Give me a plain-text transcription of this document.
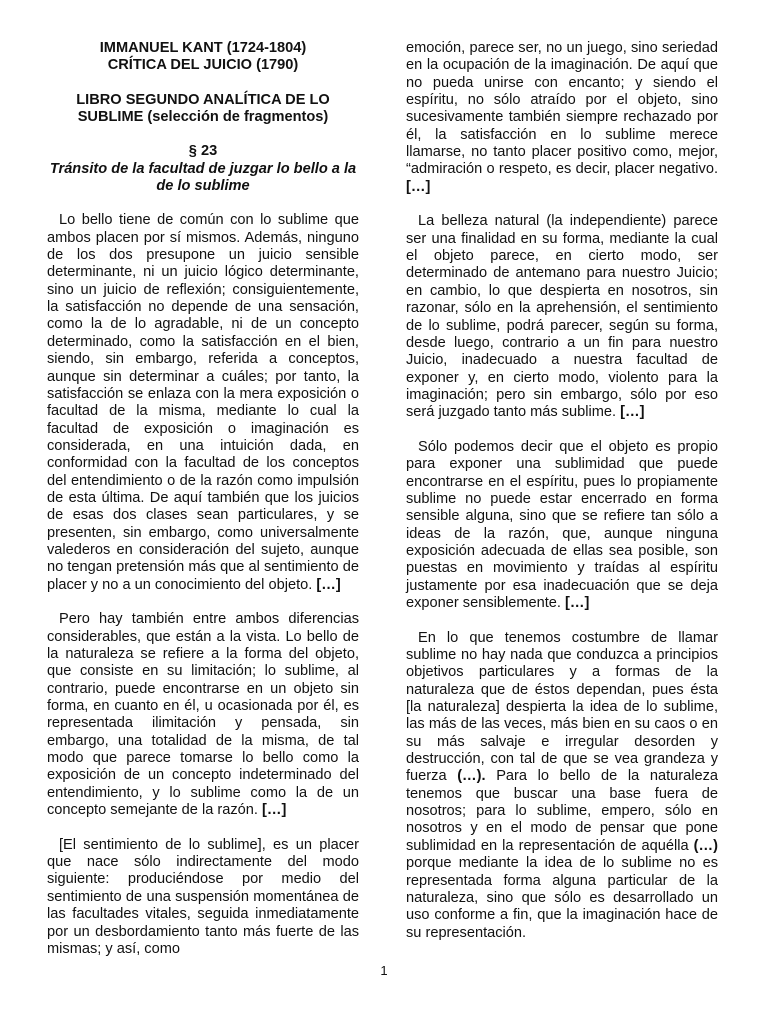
IMMANUEL KANT (1724-1804)

CRÍTICA DEL JUICIO (1790)

LIBRO SEGUNDO ANALÍTICA DE LO

SUBLIME (selección de fragmentos)

§ 23

Tránsito de la facultad de juzgar lo bello a la de lo sublime

Lo bello tiene de común con lo sublime que ambos placen por sí mismos. Además, ninguno de los dos presupone un juicio sensible determinante, ni un juicio lógico determinante, sino un juicio de reflexión; consiguientemente, la satisfacción no depende de una sensación, como la de lo agradable, ni de un concepto determinado, como la satisfacción en el bien, siendo, sin embargo, referida a conceptos, aunque sin determinar a cuáles; por tanto, la satisfacción se enlaza con la mera exposición o facultad de la misma, mediante lo cual la facultad de exposición o imaginación es considerada, en una intuición dada, en conformidad con la facultad de los conceptos del entendimiento o de la razón como impulsión de esta última. De aquí también que los juicios de esas dos clases sean particulares, y se presenten, sin embargo, como universalmente valederos en consideración del sujeto, aunque no tengan pretensión más que al sentimiento de placer y no a un conocimiento del objeto. […]

Pero hay también entre ambos diferencias considerables, que están a la vista. Lo bello de la naturaleza se refiere a la forma del objeto, que consiste en su limitación; lo sublime, al contrario, puede encontrarse en un objeto sin forma, en cuanto en él, u ocasionada por él, es representada ilimitación y pensada, sin embargo, una totalidad de la misma, de tal modo que parece tomarse lo bello como la exposición de un concepto indeterminado del entendimiento, y lo sublime como la de un concepto semejante de la razón. […]

[El sentimiento de lo sublime], es un placer que nace sólo indirectamente del modo siguiente: produciéndose por medio del sentimiento de una suspensión momentánea de las facultades vitales, seguida inmediatamente por un desbordamiento tanto más fuerte de las mismas; y así, como

emoción, parece ser, no un juego, sino seriedad en la ocupación de la imaginación. De aquí que no pueda unirse con encanto; y siendo el espíritu, no sólo atraído por el objeto, sino sucesivamente también siempre rechazado por él, la satisfacción en lo sublime merece llamarse, no tanto placer positivo como, mejor, “admiración o respeto, es decir, placer negativo. […]

La belleza natural (la independiente) parece ser una finalidad en su forma, mediante la cual el objeto parece, en cierto modo, ser determinado de antemano para nuestro Juicio; en cambio, lo que despierta en nosotros, sin razonar, sólo en la aprehensión, el sentimiento de lo sublime, podrá parecer, según su forma, desde luego, contrario a un fin para nuestro Juicio, inadecuado a nuestra facultad de exponer y, en cierto modo, violento para la imaginación; pero sin embargo, sólo por eso será juzgado tanto más sublime. […]

Sólo podemos decir que el objeto es propio para exponer una sublimidad que puede encontrarse en el espíritu, pues lo propiamente sublime no puede estar encerrado en forma sensible alguna, sino que se refiere tan sólo a ideas de la razón, que, aunque ninguna exposición adecuada de ellas sea posible, son puestas en movimiento y traídas al espíritu justamente por esa inadecuación que se deja exponer sensiblemente. […]

En lo que tenemos costumbre de llamar sublime no hay nada que conduzca a principios objetivos particulares y a formas de la naturaleza que de éstos dependan, pues ésta [la naturaleza] despierta la idea de lo sublime, las más de las veces, más bien en su caos o en su más salvaje e irregular desorden y destrucción, con tal de que se vea grandeza y fuerza (…). Para lo bello de la naturaleza tenemos que buscar una base fuera de nosotros; para lo sublime, empero, sólo en nosotros y en el modo de pensar que pone sublimidad en la representación de aquélla (…) porque mediante la idea de lo sublime no es representada forma alguna particular de la naturaleza, sino que sólo es desarrollado un uso conforme a fin, que la imaginación hace de su representación.

1
